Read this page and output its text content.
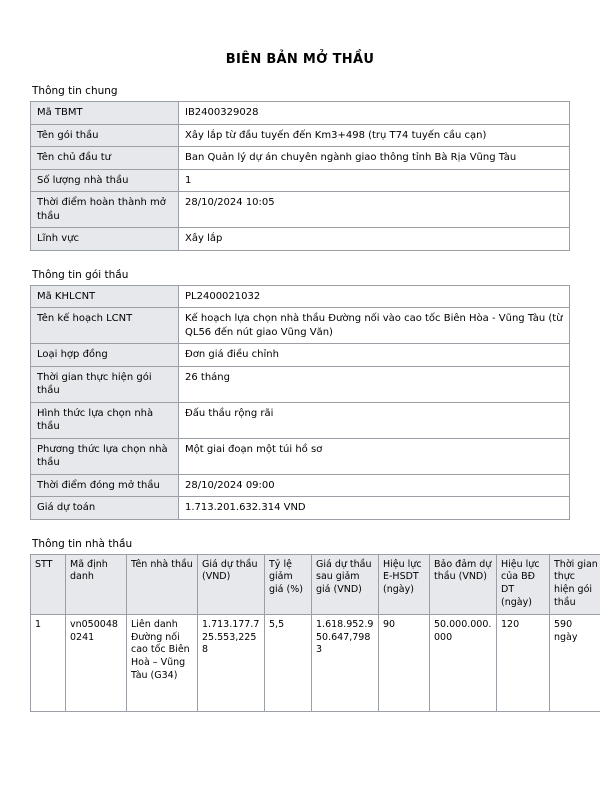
BIÊN BẢN MỞ THẦU
Thông tin chung
Mã TBMT	IB2400329028
Tên gói thầu	Xây lắp từ đầu tuyến đến Km3+498 (trụ T74 tuyến cầu cạn)
Tên chủ đầu tư	Ban Quản lý dự án chuyên ngành giao thông tỉnh Bà Rịa Vũng Tàu
Số lượng nhà thầu	1
Thời điểm hoàn thành mở thầu	28/10/2024 10:05
Lĩnh vực	Xây lắp
Thông tin gói thầu
Mã KHLCNT	PL2400021032
Tên kế hoạch LCNT	Kế hoạch lựa chọn nhà thầu Đường nối vào cao tốc Biên Hòa - Vũng Tàu (từ QL56 đến nút giao Vũng Văn)
Loại hợp đồng	Đơn giá điều chỉnh
Thời gian thực hiện gói thầu	26 tháng
Hình thức lựa chọn nhà thầu	Đấu thầu rộng rãi
Phương thức lựa chọn nhà thầu	Một giai đoạn một túi hồ sơ
Thời điểm đóng mở thầu	28/10/2024 09:00
Giá dự toán	1.713.201.632.314 VND
Thông tin nhà thầu
STT	Mã định danh	Tên nhà thầu	Giá dự thầu (VND)	Tỷ lệ giảm giá (%)	Giá dự thầu sau giảm giá (VND)	Hiệu lực E-HSDT (ngày)	Bảo đảm dự thầu (VND)	Hiệu lực của BĐ DT (ngày)	Thời gian thực hiện gói thầu
1	vn0500480241	Liên danh Đường nối cao tốc Biên Hoà – Vũng Tàu (G34)	1.713.177.725.553,2258	5,5	1.618.952.950.647,7983	90	50.000.000.000	120	590 ngày
